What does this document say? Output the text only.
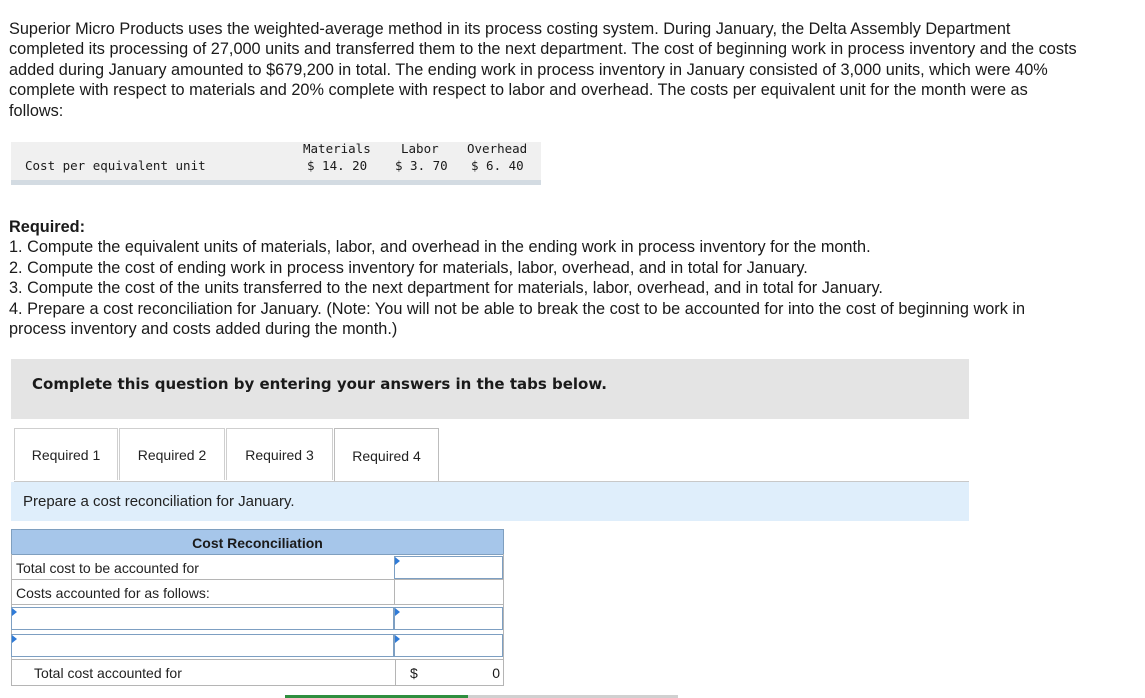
Superior Micro Products uses the weighted-average method in its process costing system. During January, the Delta Assembly Department completed its processing of 27,000 units and transferred them to the next department. The cost of beginning work in process inventory and the costs added during January amounted to $679,200 in total. The ending work in process inventory in January consisted of 3,000 units, which were 40% complete with respect to materials and 20% complete with respect to labor and overhead. The costs per equivalent unit for the month were as follows:

Cost per equivalent unit
Materials Labor Overhead
$ 14. 20 $ 3. 70 $ 6. 40

Required:

1. Compute the equivalent units of materials, labor, and overhead in the ending work in process inventory for the month.

2. Compute the cost of ending work in process inventory for materials, labor, overhead, and in total for January.

3. Compute the cost of the units transferred to the next department for materials, labor, overhead, and in total for January.

4. Prepare a cost reconciliation for January. (Note: You will not be able to break the cost to be accounted for into the cost of beginning work in process inventory and costs added during the month.)

Complete this question by entering your answers in the tabs below.
Required 1	Required 2	Required 3	Required 4
Prepare a cost reconciliation for January.
Cost Reconciliation
Total cost to be accounted for
Costs accounted for as follows:
Total cost accounted for	$	0
